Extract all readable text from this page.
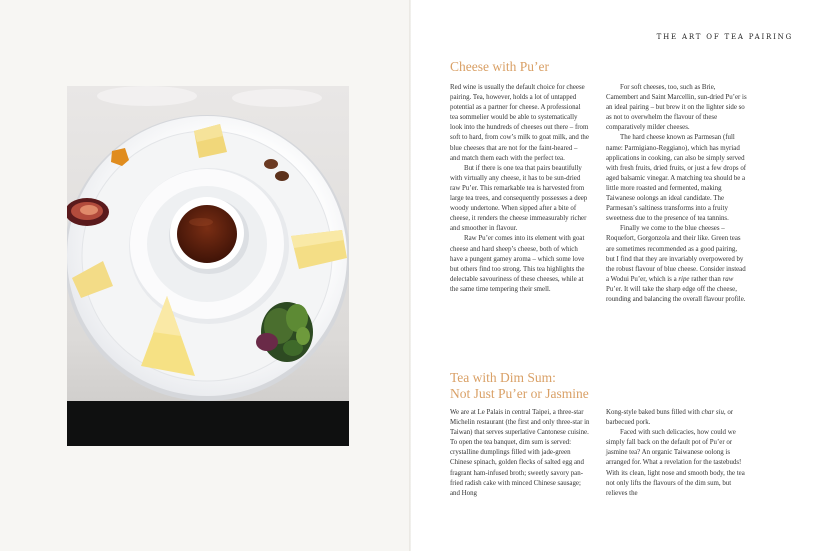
THE ART OF TEA PAIRING
Cheese with Pu’er

Red wine is usually the default choice for cheese pairing. Tea, however, holds a lot of untapped potential as a partner for cheese. A professional tea sommelier would be able to systematically look into the hundreds of cheeses out there – from soft to hard, from cow’s milk to goat milk, and the blue cheeses that are not for the faint-heared – and match them each with the perfect tea.

But if there is one tea that pairs beautifully with virtually any cheese, it has to be sun-dried raw Pu’er. This remarkable tea is harvested from large tea trees, and consequently possesses a deep woody undertone. When sipped after a bite of cheese, it renders the cheese immeasurably richer and smoother in flavour.

Raw Pu’er comes into its element with goat cheese and hard sheep’s cheese, both of which have a pungent gamey aroma – which some love but others find too strong. This tea highlights the delectable savouriness of these cheeses, while at the same time tempering their smell.

For soft cheeses, too, such as Brie, Camembert and Saint Marcellin, sun-dried Pu’er is an ideal pairing – but brew it on the lighter side so as not to overwhelm the flavour of these comparatively milder cheeses.

The hard cheese known as Parmesan (full name: Parmigiano-Reggiano), which has myriad applications in cooking, can also be simply served with fresh fruits, dried fruits, or just a few drops of aged balsamic vinegar. A matching tea should be a little more roasted and fermented, making Taiwanese oolongs an ideal candidate. The Parmesan’s saltiness transforms into a fruity sweetness due to the presence of tea tannins.

Finally we come to the blue cheeses – Roquefort, Gorgonzola and their like. Green teas are sometimes recommended as a good pairing, but I find that they are invariably overpowered by the robust flavour of blue cheese. Consider instead a Wodui Pu’er, which is a ripe rather than raw Pu’er. It will take the sharp edge off the cheese, rounding and balancing the overall flavour profile.

Tea with Dim Sum:
Not Just Pu’er or Jasmine

We are at Le Palais in central Taipei, a three-star Michelin restaurant (the first and only three-star in Taiwan) that serves superlative Cantonese cuisine. To open the tea banquet, dim sum is served: crystalline dumplings filled with jade-green Chinese spinach, golden flecks of salted egg and fragrant ham-infused broth; sweetly savory pan-fried radish cake with minced Chinese sausage; and Hong

Kong-style baked buns filled with char siu, or barbecued pork.

Faced with such delicacies, how could we simply fall back on the default pot of Pu’er or jasmine tea? An organic Taiwanese oolong is arranged for. What a revelation for the tastebuds! With its clean, light nose and smooth body, the tea not only lifts the flavours of the dim sum, but relieves the
